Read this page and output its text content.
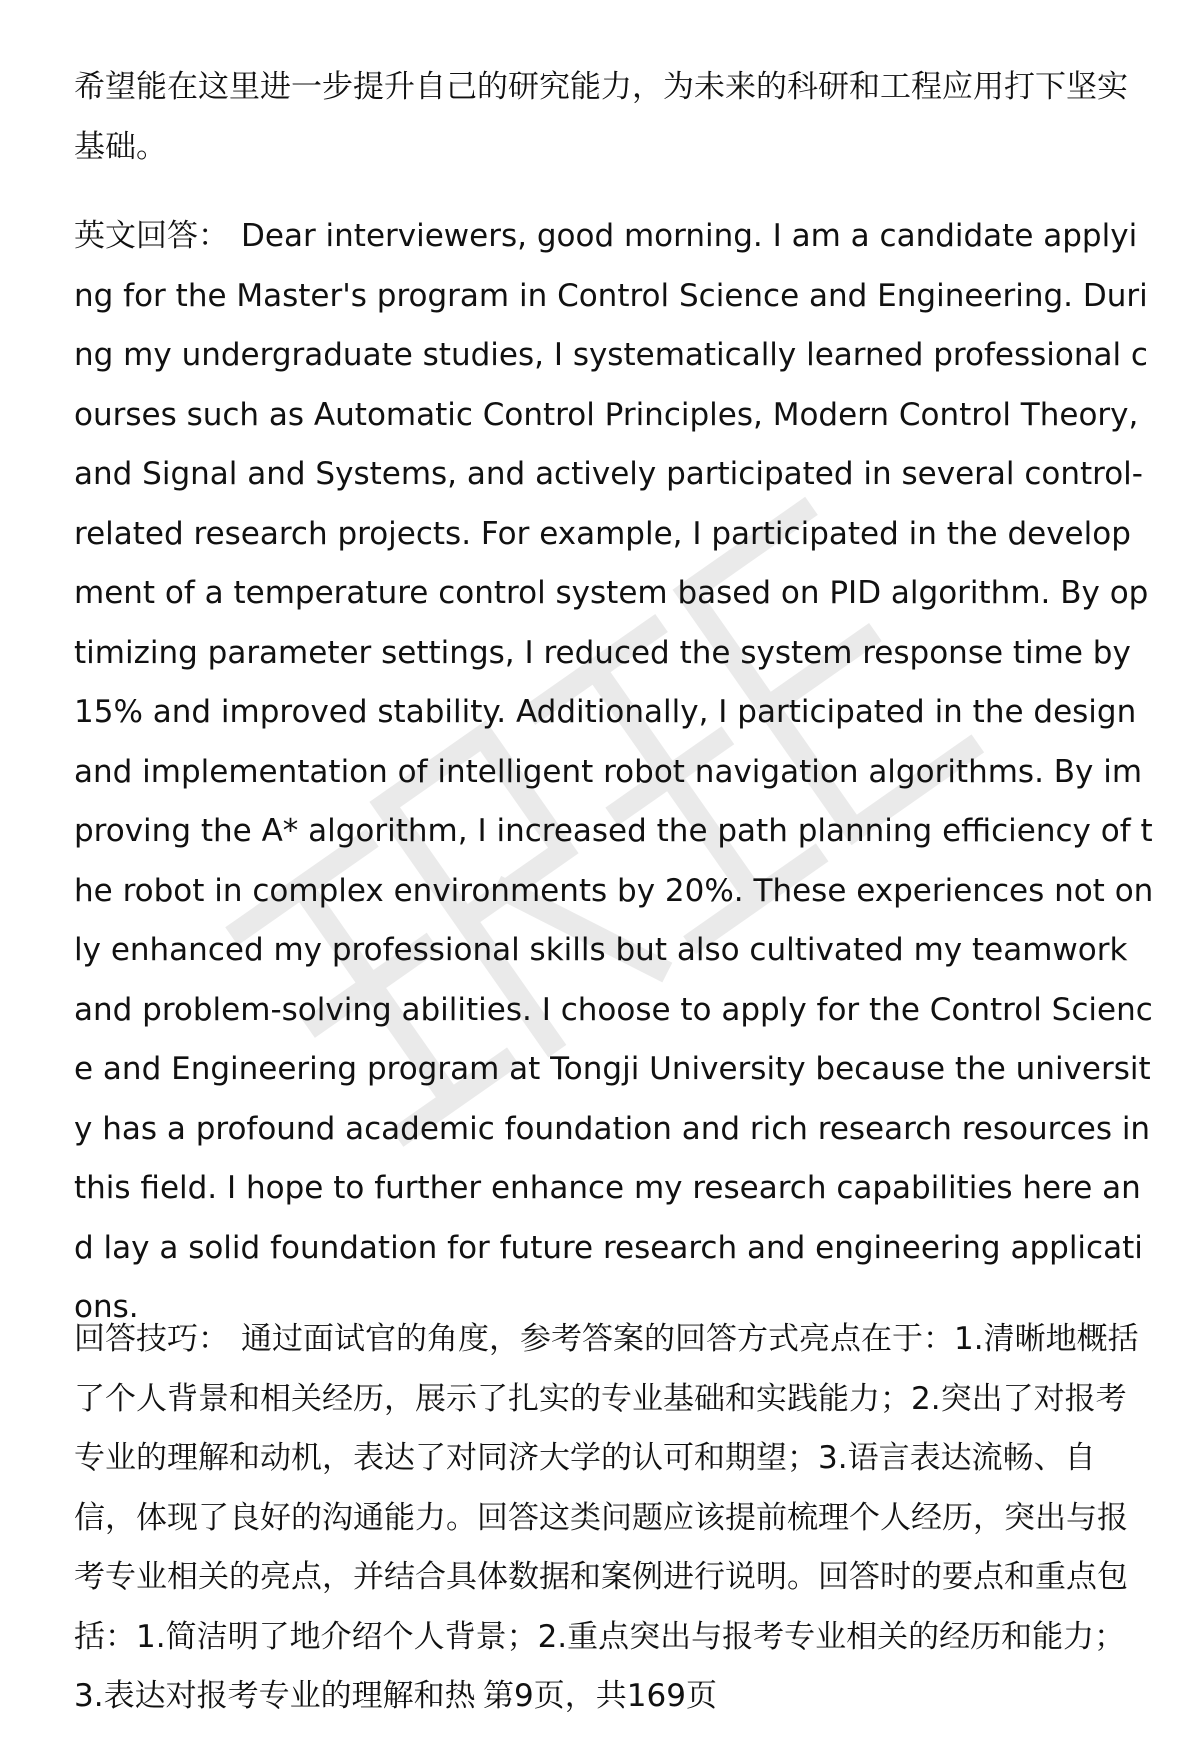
希望能在这里进一步提升自己的研究能力，为未来的科研和工程应用打下坚实基础。

英文回答： Dear interviewers, good morning. I am a candidate applying for the Master's program in Control Science and Engineering. During my undergraduate studies, I systematically learned professional courses such as Automatic Control Principles, Modern Control Theory, and Signal and Systems, and actively participated in several control-related research projects. For example, I participated in the development of a temperature control system based on PID algorithm. By optimizing parameter settings, I reduced the system response time by 15% and improved stability. Additionally, I participated in the design and implementation of intelligent robot navigation algorithms. By improving the A* algorithm, I increased the path planning efficiency of the robot in complex environments by 20%. These experiences not only enhanced my professional skills but also cultivated my teamwork and problem-solving abilities. I choose to apply for the Control Science and Engineering program at Tongji University because the university has a profound academic foundation and rich research resources in this field. I hope to further enhance my research capabilities here and lay a solid foundation for future research and engineering applications.

回答技巧： 通过面试官的角度，参考答案的回答方式亮点在于：1.清晰地概括了个人背景和相关经历，展示了扎实的专业基础和实践能力；2.突出了对报考专业的理解和动机，表达了对同济大学的认可和期望；3.语言表达流畅、自信，体现了良好的沟通能力。回答这类问题应该提前梳理个人经历，突出与报考专业相关的亮点，并结合具体数据和案例进行说明。回答时的要点和重点包括：1.简洁明了地介绍个人背景；2.重点突出与报考专业相关的经历和能力；3.表达对报考专业的理解和热 第9页，共169页
